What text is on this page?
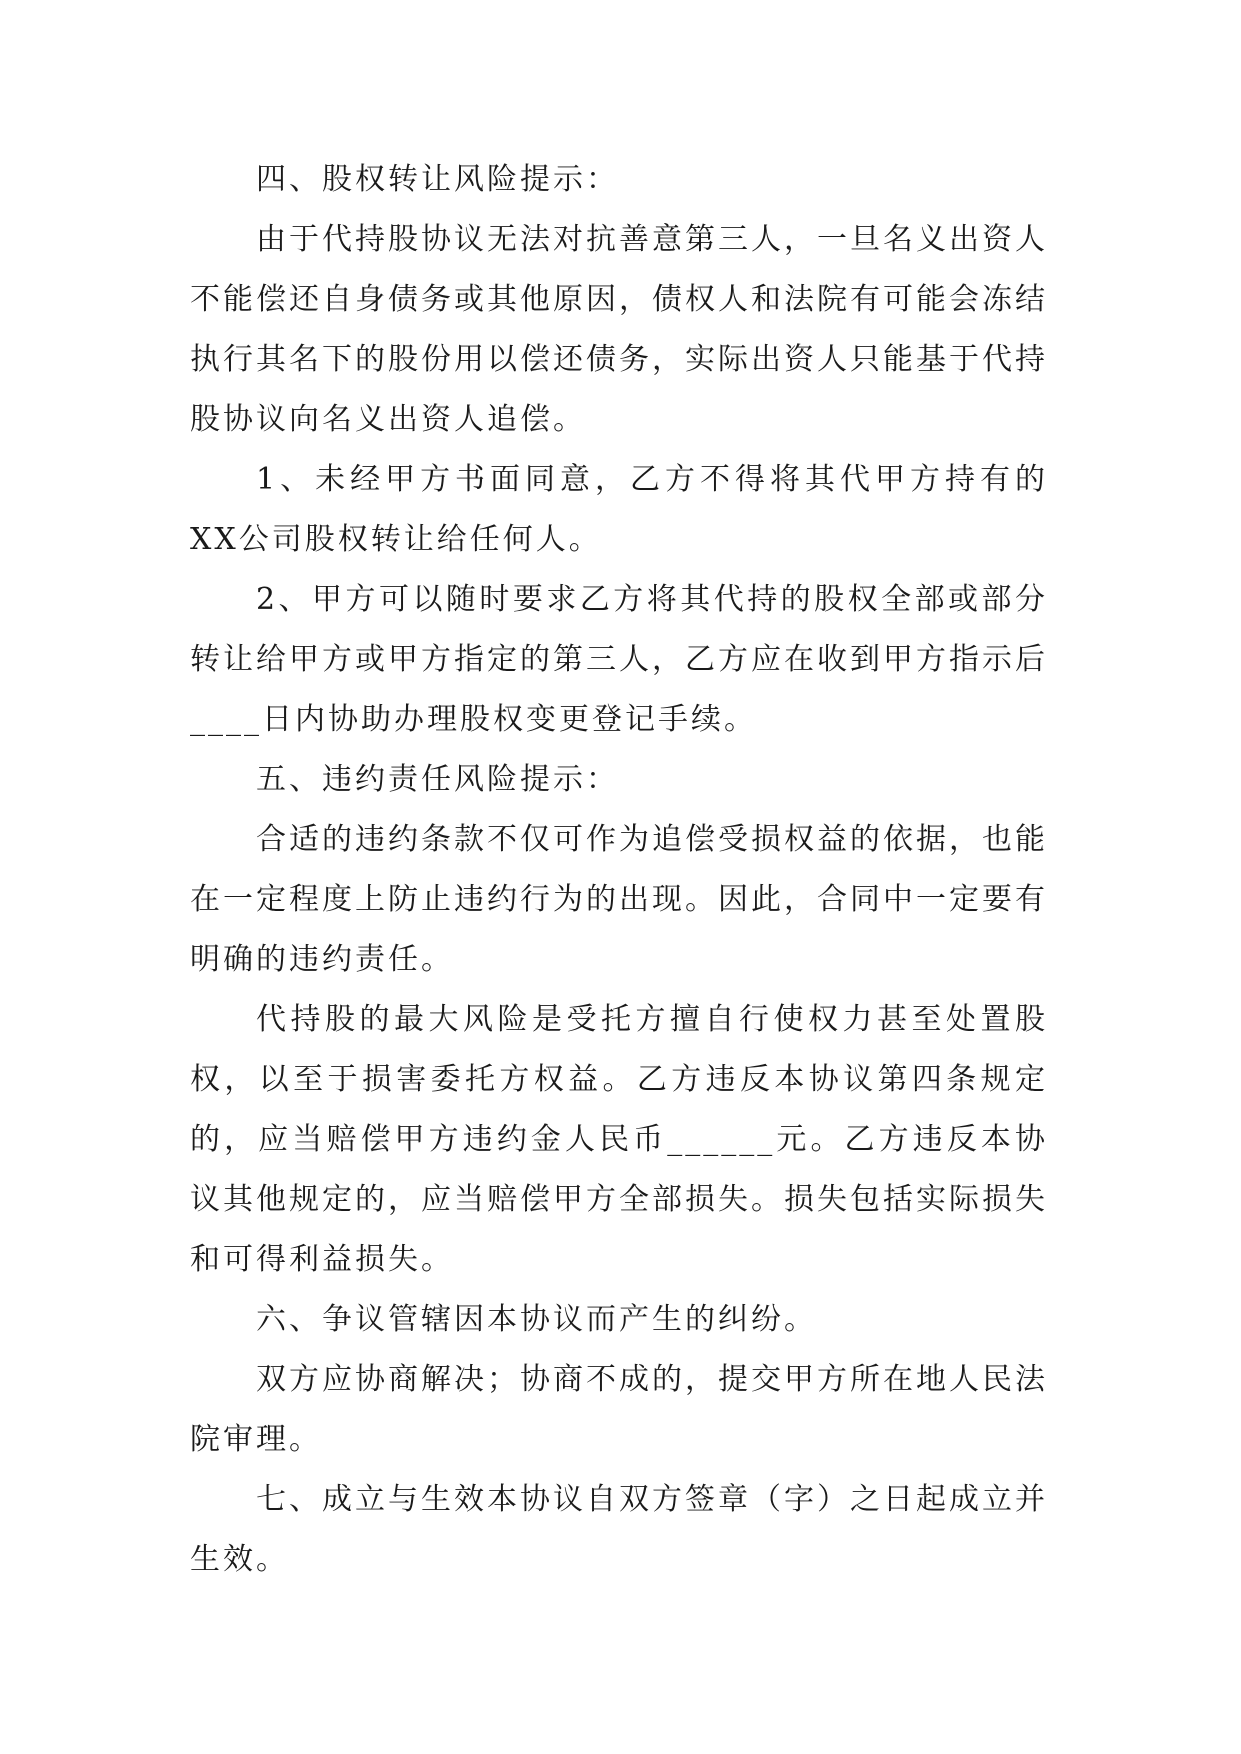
四、股权转让风险提示：

由于代持股协议无法对抗善意第三人，一旦名义出资人不能偿还自身债务或其他原因，债权人和法院有可能会冻结执行其名下的股份用以偿还债务，实际出资人只能基于代持股协议向名义出资人追偿。

1、未经甲方书面同意，乙方不得将其代甲方持有的XX公司股权转让给任何人。

2、甲方可以随时要求乙方将其代持的股权全部或部分转让给甲方或甲方指定的第三人，乙方应在收到甲方指示后____日内协助办理股权变更登记手续。

五、违约责任风险提示：

合适的违约条款不仅可作为追偿受损权益的依据，也能在一定程度上防止违约行为的出现。因此，合同中一定要有明确的违约责任。

代持股的最大风险是受托方擅自行使权力甚至处置股权，以至于损害委托方权益。乙方违反本协议第四条规定的，应当赔偿甲方违约金人民币______元。乙方违反本协议其他规定的，应当赔偿甲方全部损失。损失包括实际损失和可得利益损失。

六、争议管辖因本协议而产生的纠纷。

双方应协商解决；协商不成的，提交甲方所在地人民法院审理。

七、成立与生效本协议自双方签章（字）之日起成立并生效。
